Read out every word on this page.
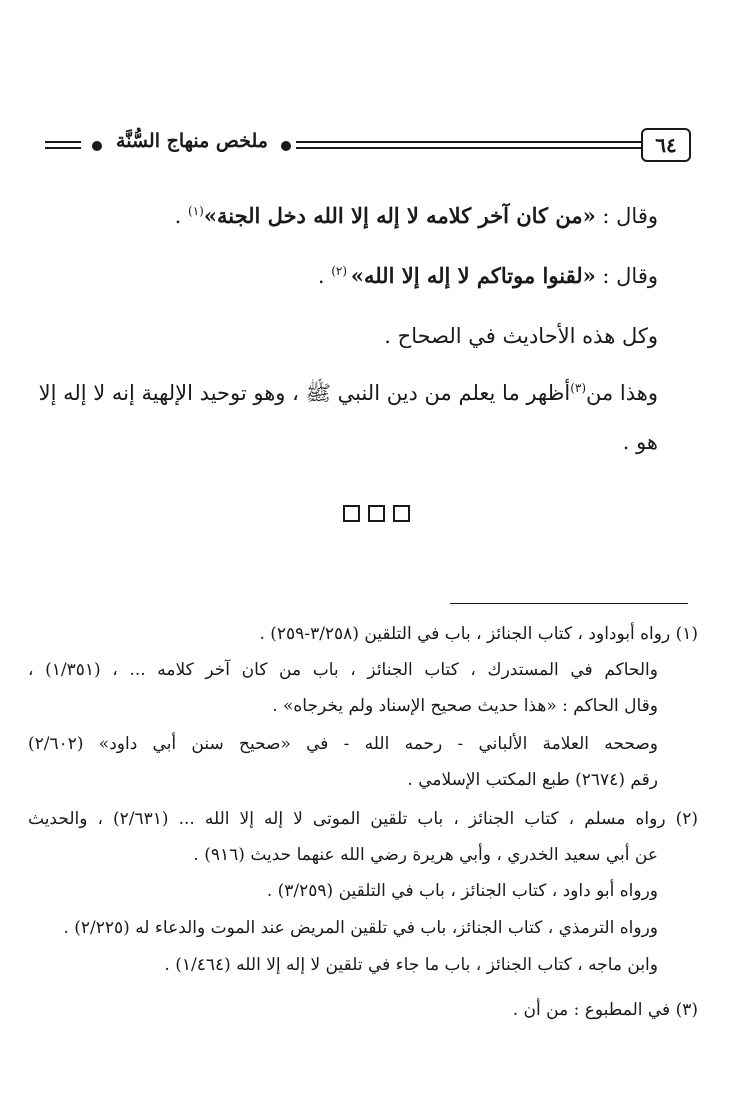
٦٤
ملخص منهاج السُّنَّة
وقال : «من كان آخر كلامه لا إله إلا الله دخل الجنة»$^{(١)}$ .
وقال : «لقنوا موتاكم لا إله إلا الله» $^{(٢)}$ .
وكل هذه الأحاديث في الصحاح .
وهذا من$^{(٣)}$أظهر ما يعلم من دين النبي ﷺ ، وهو توحيد الإلهية إنه لا إله إلا
هو .
(١) رواه أبوداود ، كتاب الجنائز ، باب في التلقين (٣/٢٥٨-٢٥٩) .
والحاكم في المستدرك ، كتاب الجنائز ، باب من كان آخر كلامه ... ، (١/٣٥١) ،
وقال الحاكم : «هذا حديث صحيح الإسناد ولم يخرجاه» .
وصححه العلامة الألباني - رحمه الله - في «صحيح سنن أبي داود» (٢/٦٠٢)
رقم (٢٦٧٤) طبع المكتب الإسلامي .
(٢) رواه مسلم ، كتاب الجنائز ، باب تلقين الموتى لا إله إلا الله ... (٢/٦٣١) ، والحديث
عن أبي سعيد الخدري ، وأبي هريرة رضي الله عنهما حديث (٩١٦) .
ورواه أبو داود ، كتاب الجنائز ، باب في التلقين (٣/٢٥٩) .
ورواه الترمذي ، كتاب الجنائز، باب في تلقين المريض عند الموت والدعاء له (٢/٢٢٥) .
وابن ماجه ، كتاب الجنائز ، باب ما جاء في تلقين لا إله إلا الله (١/٤٦٤) .
(٣) في المطبوع : من أن .
